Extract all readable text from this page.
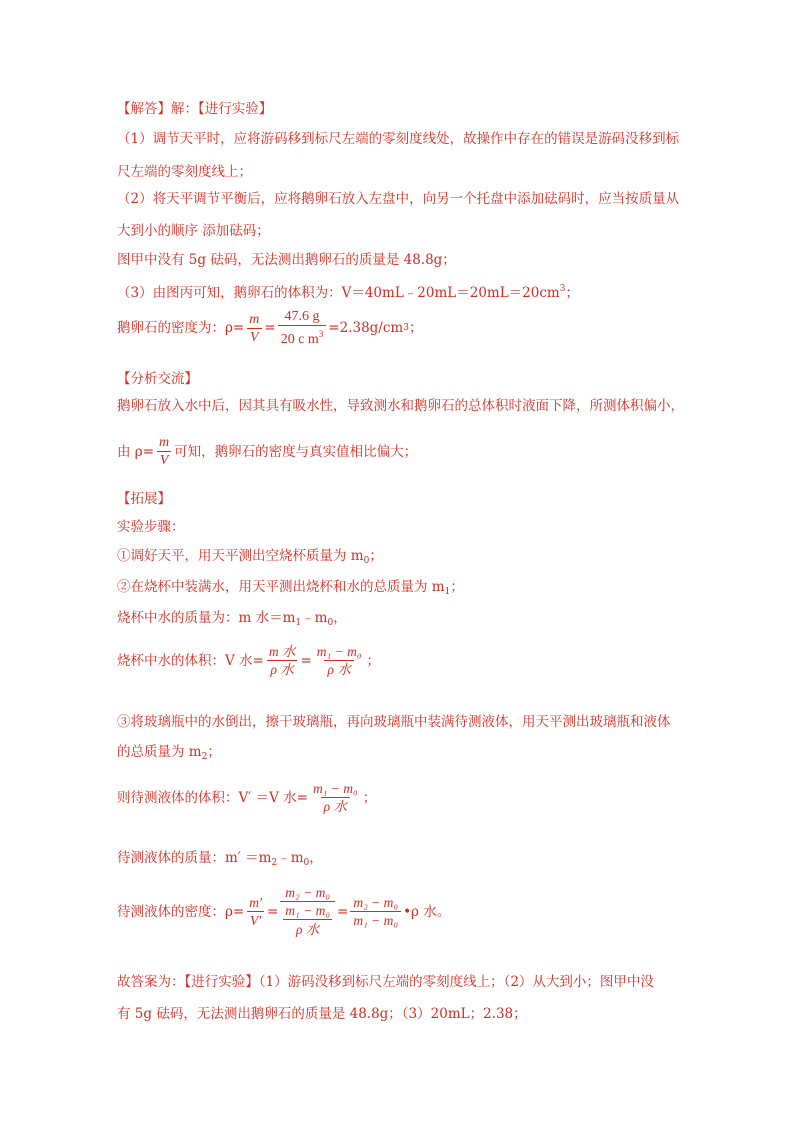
【解答】解：【进行实验】
（1）调节天平时，应将游码移到标尺左端的零刻度线处，故操作中存在的错误是游码没移到标
尺左端的零刻度线上；
（2）将天平调节平衡后，应将鹅卵石放入左盘中，向另一个托盘中添加砝码时，应当按质量从
大到小的顺序 添加砝码；
图甲中没有 5g 砝码，无法测出鹅卵石的质量是 48.8g；
（3）由图丙可知，鹅卵石的体积为：$V=40mL﹣20mL=20mL=20cm^3$；
鹅卵石的密度为：$\rho= \frac{m}{V} = \frac{47.6 g}{20 c m^3} =2.38g/cm$ 3 ；
【分析交流】
鹅卵石放入水中后，因其具有吸水性，导致测水和鹅卵石的总体积时液面下降，所测体积偏小，
由 $\rho= \frac{m}{V}$ 可知，鹅卵石的密度与真实值相比偏大；
【拓展】
实验步骤：
①调好天平，用天平测出空烧杯质量为 $m_0$；
②在烧杯中装满水，用天平测出烧杯和水的总质量为 $m_1$；
烧杯中水的质量为：m 水$=m_1﹣m_0$，
烧杯中水的体积：V 水= $\frac{\text{m 水}}{\text{ρ 水}} = \frac{\text{m₁ − m₀}}{\text{ρ 水}}$ ；
③将玻璃瓶中的水倒出，擦干玻璃瓶，再向玻璃瓶中装满待测液体，用天平测出玻璃瓶和液体
的总质量为 $m_2$；
则待测液体的体积：V′ ＝V 水= $\frac{\text{m₁ − m₀}}{\text{ρ 水}}$ ；
待测液体的质量：$m' =m_2﹣m_0$，
待测液体的密度：$\rho= \frac{m'}{V'} = m_2 - m_0$
m₁ − m₀
ρ 水 = $\frac{\text{m₂ − m₀}}{\text{m₁ − m₀}}$ •ρ 水。
故答案为：【进行实验】（1）游码没移到标尺左端的零刻度线上；（2）从大到小；图甲中没
有 5g 砝码，无法测出鹅卵石的质量是 48.8g；（3）20mL；2.38；
